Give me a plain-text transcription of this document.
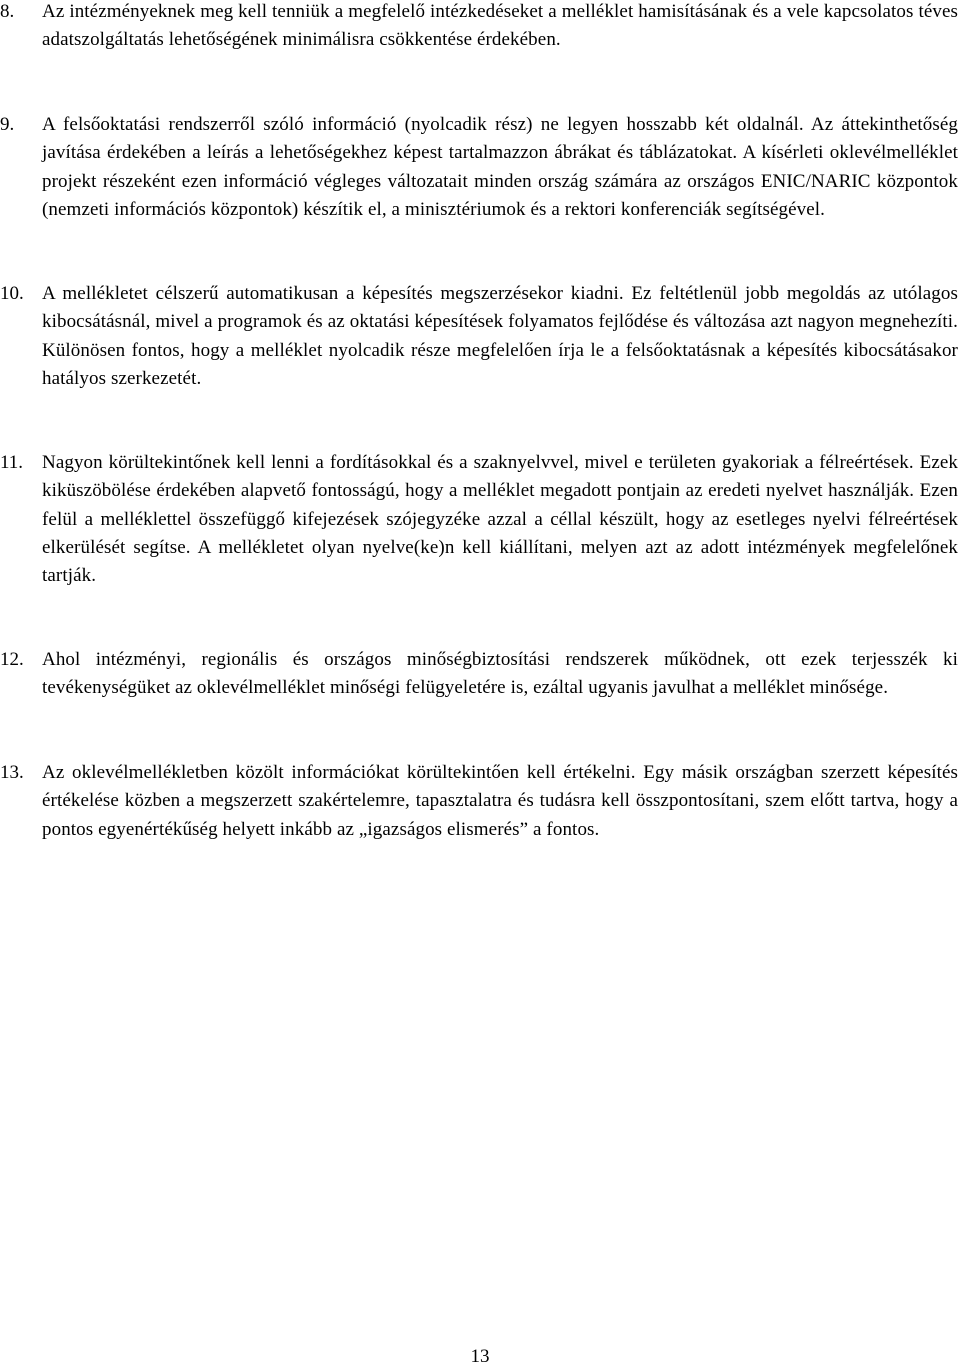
8. Az intézményeknek meg kell tenniük a megfelelő intézkedéseket a melléklet hamisításának és a vele kapcsolatos téves adatszolgáltatás lehetőségének minimálisra csökkentése érdekében.
9. A felsőoktatási rendszerről szóló információ (nyolcadik rész) ne legyen hosszabb két oldalnál. Az áttekinthetőség javítása érdekében a leírás a lehetőségekhez képest tartalmazzon ábrákat és táblázatokat. A kísérleti oklevélmelléklet projekt részeként ezen információ végleges változatait minden ország számára az országos ENIC/NARIC központok (nemzeti információs központok) készítik el, a minisztériumok és a rektori konferenciák segítségével.
10. A mellékletet célszerű automatikusan a képesítés megszerzésekor kiadni. Ez feltétlenül jobb megoldás az utólagos kibocsátásnál, mivel a programok és az oktatási képesítések folyamatos fejlődése és változása azt nagyon megnehezíti. Különösen fontos, hogy a melléklet nyolcadik része megfelelően írja le a felsőoktatásnak a képesítés kibocsátásakor hatályos szerkezetét.
11. Nagyon körültekintőnek kell lenni a fordításokkal és a szaknyelvvel, mivel e területen gyakoriak a félreértések. Ezek kiküszöbölése érdekében alapvető fontosságú, hogy a melléklet megadott pontjain az eredeti nyelvet használják. Ezen felül a melléklettel összefüggő kifejezések szójegyzéke azzal a céllal készült, hogy az esetleges nyelvi félreértések elkerülését segítse. A mellékletet olyan nyelve(ke)n kell kiállítani, melyen azt az adott intézmények megfelelőnek tartják.
12. Ahol intézményi, regionális és országos minőségbiztosítási rendszerek működnek, ott ezek terjesszék ki tevékenységüket az oklevélmelléklet minőségi felügyeletére is, ezáltal ugyanis javulhat a melléklet minősége.
13. Az oklevélmellékletben közölt információkat körültekintően kell értékelni. Egy másik országban szerzett képesítés értékelése közben a megszerzett szakértelemre, tapasztalatra és tudásra kell összpontosítani, szem előtt tartva, hogy a pontos egyenértékűség helyett inkább az „igazságos elismerés” a fontos.
13
